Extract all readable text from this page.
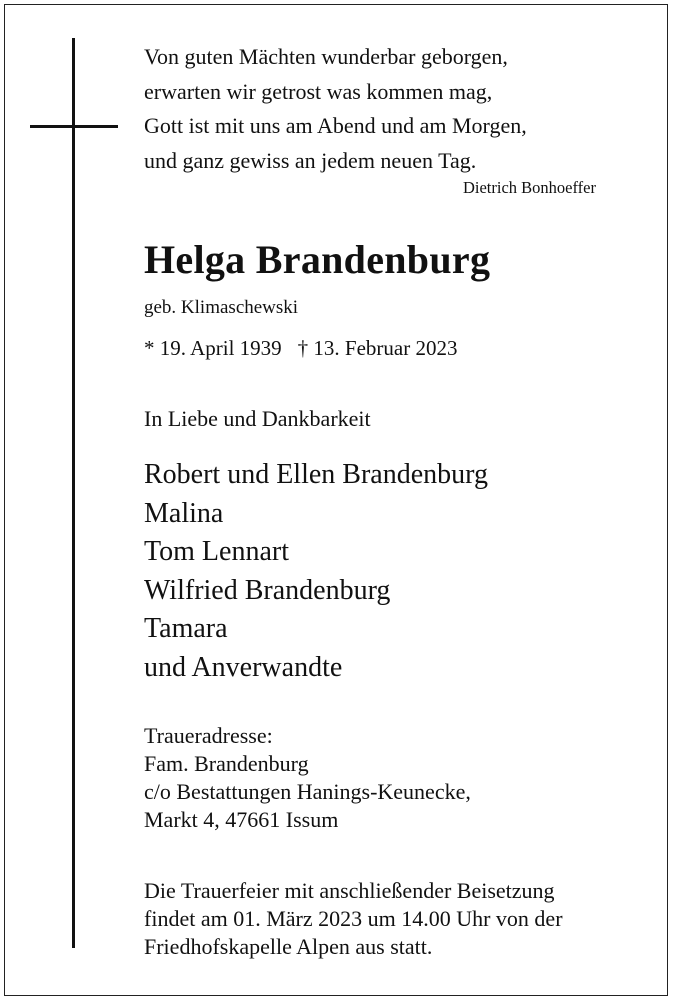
Von guten Mächten wunderbar geborgen,
erwarten wir getrost was kommen mag,
Gott ist mit uns am Abend und am Morgen,
und ganz gewiss an jedem neuen Tag.
Dietrich Bonhoeffer
Helga Brandenburg
geb. Klimaschewski
* 19. April 1939 † 13. Februar 2023
In Liebe und Dankbarkeit
Robert und Ellen Brandenburg
Malina
Tom Lennart
Wilfried Brandenburg
Tamara
und Anverwandte
Traueradresse:
Fam. Brandenburg
c/o Bestattungen Hanings-Keunecke,
Markt 4, 47661 Issum
Die Trauerfeier mit anschließender Beisetzung
findet am 01. März 2023 um 14.00 Uhr von der
Friedhofskapelle Alpen aus statt.
